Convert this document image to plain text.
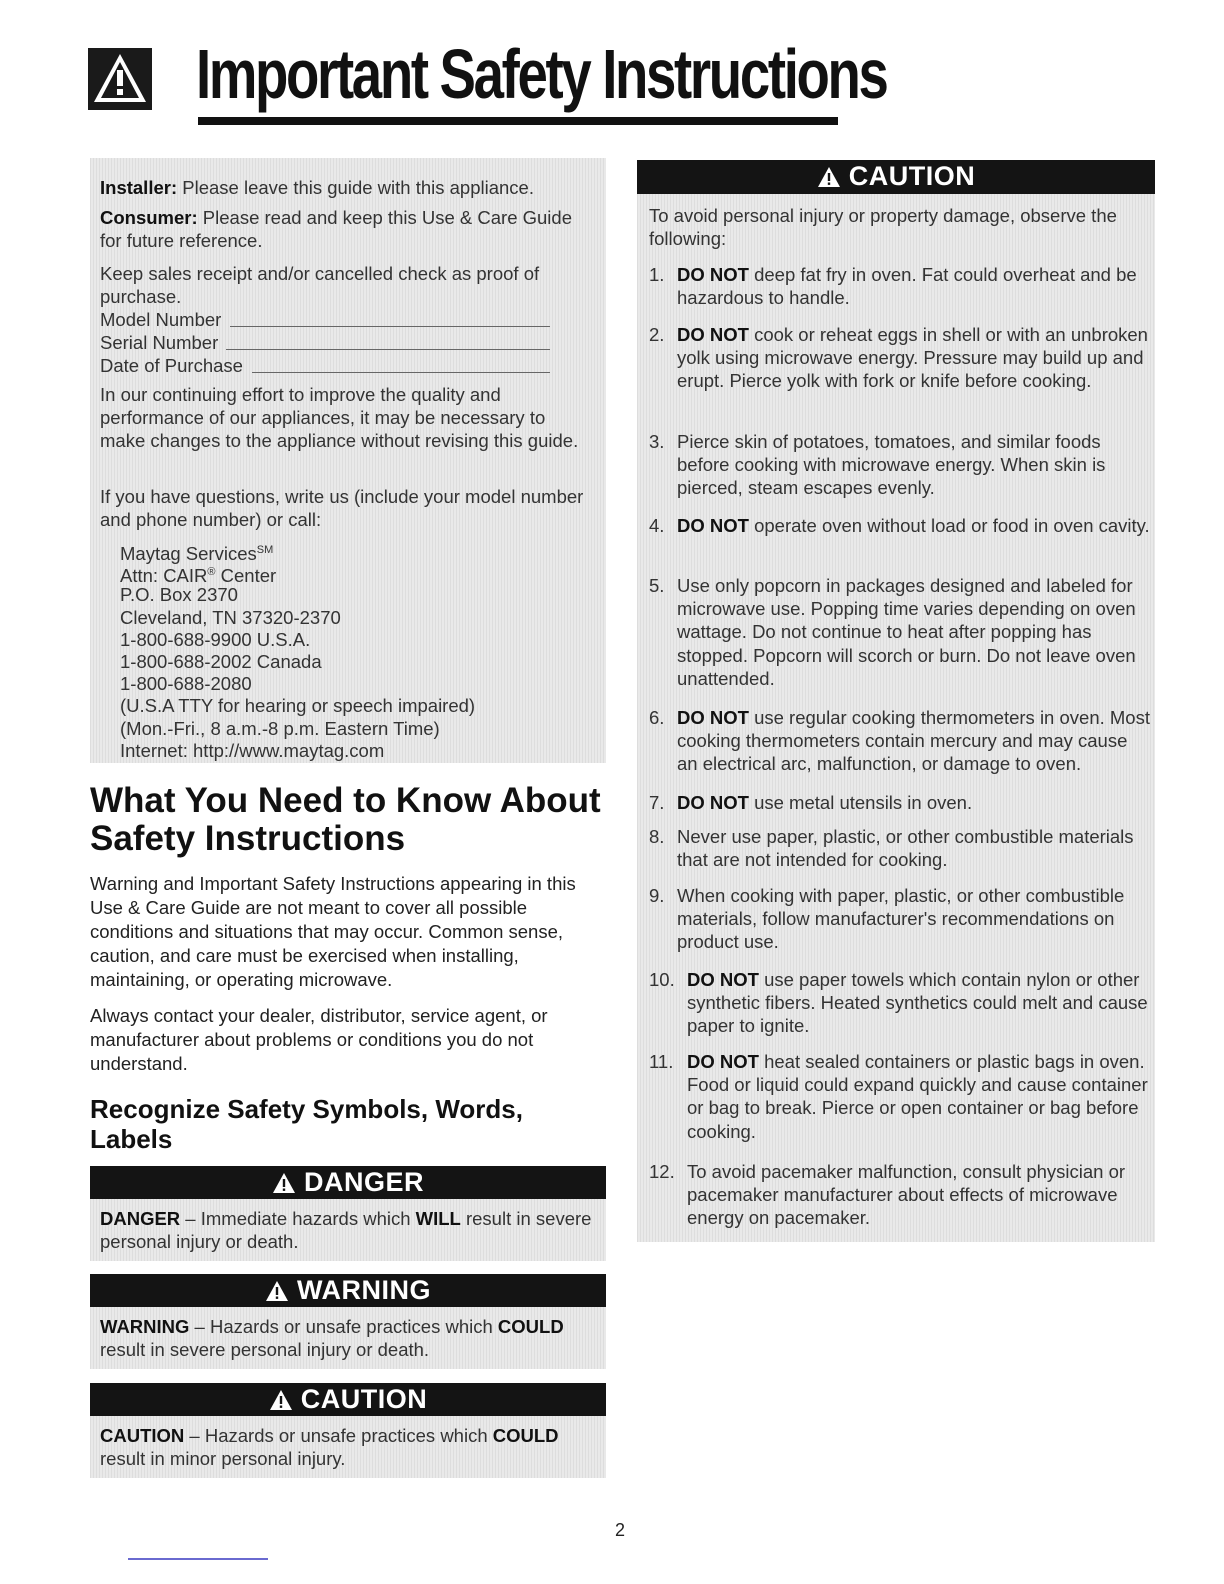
Important Safety Instructions
Installer: Please leave this guide with this appliance.
Consumer: Please read and keep this Use & Care Guide for future reference.
Keep sales receipt and/or cancelled check as proof of purchase.
Model Number
Serial Number
Date of Purchase
In our continuing effort to improve the quality and performance of our appliances, it may be necessary to make changes to the appliance without revising this guide.
If you have questions, write us (include your model number and phone number) or call:
Maytag Services℠
Attn: CAIR® Center
P.O. Box 2370
Cleveland, TN 37320-2370
1-800-688-9900 U.S.A.
1-800-688-2002 Canada
1-800-688-2080
(U.S.A TTY for hearing or speech impaired)
(Mon.-Fri., 8 a.m.-8 p.m. Eastern Time)
Internet: http://www.maytag.com
What You Need to Know About Safety Instructions

Warning and Important Safety Instructions appearing in this Use & Care Guide are not meant to cover all possible conditions and situations that may occur. Common sense, caution, and care must be exercised when installing, maintaining, or operating microwave.

Always contact your dealer, distributor, service agent, or manufacturer about problems or conditions you do not understand.

Recognize Safety Symbols, Words, Labels
DANGER
DANGER – Immediate hazards which WILL result in severe personal injury or death.
WARNING
WARNING – Hazards or unsafe practices which COULD result in severe personal injury or death.
CAUTION
CAUTION – Hazards or unsafe practices which COULD result in minor personal injury.
CAUTION
To avoid personal injury or property damage, observe the following:
1. DO NOT deep fat fry in oven. Fat could overheat and be hazardous to handle.
2. DO NOT cook or reheat eggs in shell or with an unbroken yolk using microwave energy. Pressure may build up and erupt. Pierce yolk with fork or knife before cooking.
3. Pierce skin of potatoes, tomatoes, and similar foods before cooking with microwave energy. When skin is pierced, steam escapes evenly.
4. DO NOT operate oven without load or food in oven cavity.
5. Use only popcorn in packages designed and labeled for microwave use. Popping time varies depending on oven wattage. Do not continue to heat after popping has stopped. Popcorn will scorch or burn. Do not leave oven unattended.
6. DO NOT use regular cooking thermometers in oven. Most cooking thermometers contain mercury and may cause an electrical arc, malfunction, or damage to oven.
7. DO NOT use metal utensils in oven.
8. Never use paper, plastic, or other combustible materials that are not intended for cooking.
9. When cooking with paper, plastic, or other combustible materials, follow manufacturer's recommendations on product use.
10. DO NOT use paper towels which contain nylon or other synthetic fibers. Heated synthetics could melt and cause paper to ignite.
11. DO NOT heat sealed containers or plastic bags in oven. Food or liquid could expand quickly and cause container or bag to break. Pierce or open container or bag before cooking.
12. To avoid pacemaker malfunction, consult physician or pacemaker manufacturer about effects of microwave energy on pacemaker.
2
